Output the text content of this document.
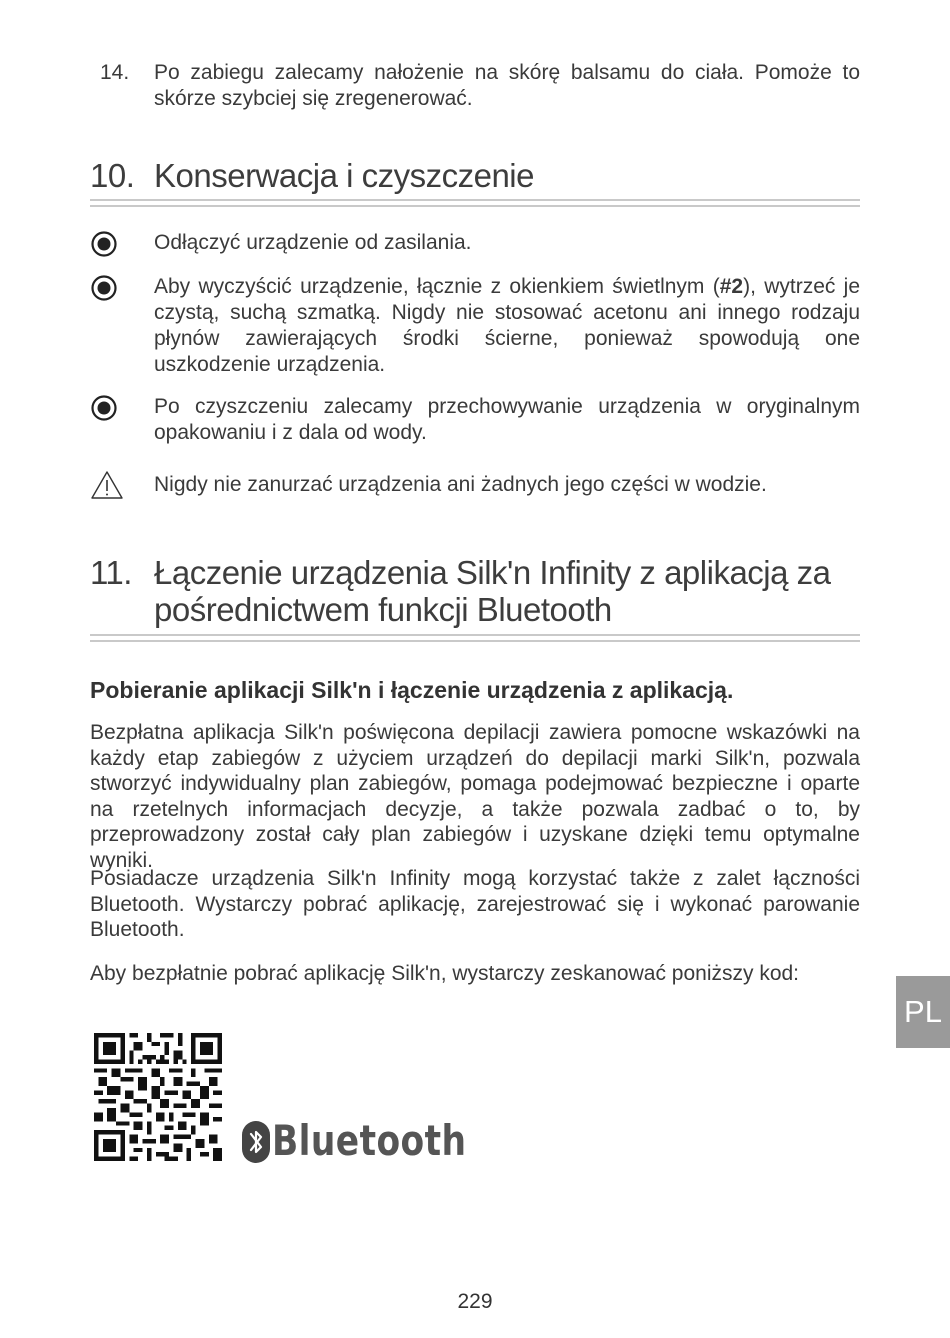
14. Po zabiegu zalecamy nałożenie na skórę balsamu do ciała. Pomoże to skórze szybciej się zregenerować.
10. Konserwacja i czyszczenie
Odłączyć urządzenie od zasilania.
Aby wyczyścić urządzenie, łącznie z okienkiem świetlnym (#2), wytrzeć je czystą, suchą szmatką. Nigdy nie stosować acetonu ani innego rodzaju płynów zawierających środki ścierne, ponieważ spowodują one uszkodzenie urządzenia.
Po czyszczeniu zalecamy przechowywanie urządzenia w oryginalnym opakowaniu i z dala od wody.
Nigdy nie zanurzać urządzenia ani żadnych jego części w wodzie.
11. Łączenie urządzenia Silk'n Infinity z aplikacją za
pośrednictwem funkcji Bluetooth
Pobieranie aplikacji Silk'n i łączenie urządzenia z aplikacją.
Bezpłatna aplikacja Silk'n poświęcona depilacji zawiera pomocne wskazówki na każdy etap zabiegów z użyciem urządzeń do depilacji marki Silk'n, pozwala stworzyć indywidualny plan zabiegów, pomaga podejmować bezpieczne i oparte na rzetelnych informacjach decyzje, a także pozwala zadbać o to, by przeprowadzony został cały plan zabiegów i uzyskane dzięki temu optymalne wyniki.
Posiadacze urządzenia Silk'n Infinity mogą korzystać także z zalet łączności Bluetooth. Wystarczy pobrać aplikację, zarejestrować się i wykonać parowanie Bluetooth.
Aby bezpłatnie pobrać aplikację Silk'n, wystarczy zeskanować poniższy kod:
Bluetooth
PL
229
